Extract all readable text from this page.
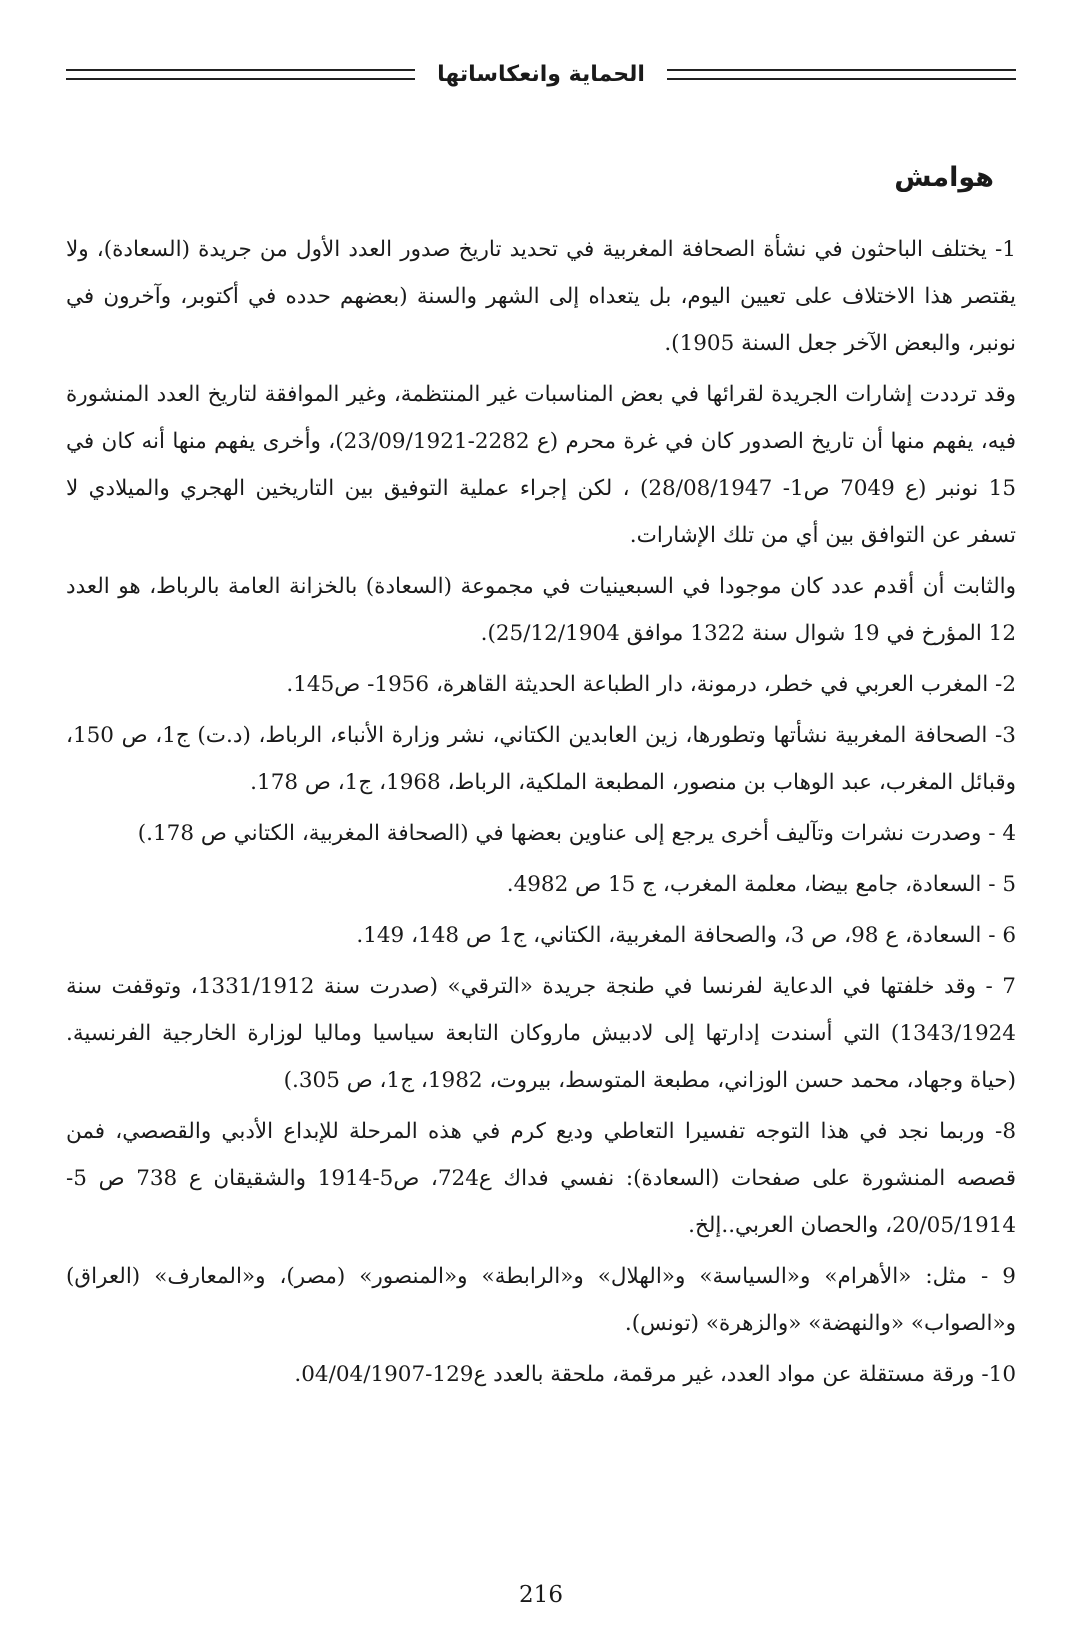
الحماية وانعكاساتها
هوامش

1- يختلف الباحثون في نشأة الصحافة المغربية في تحديد تاريخ صدور العدد الأول من جريدة (السعادة)، ولا يقتصر هذا الاختلاف على تعيين اليوم، بل يتعداه إلى الشهر والسنة (بعضهم حدده في أكتوبر، وآخرون في نونبر، والبعض الآخر جعل السنة 1905).

وقد ترددت إشارات الجريدة لقرائها في بعض المناسبات غير المنتظمة، وغير الموافقة لتاريخ العدد المنشورة فيه، يفهم منها أن تاريخ الصدور كان في غرة محرم (ع 2282-23/09/1921)، وأخرى يفهم منها أنه كان في 15 نونبر (ع 7049 ص1- 28/08/1947) ، لكن إجراء عملية التوفيق بين التاريخين الهجري والميلادي لا تسفر عن التوافق بين أي من تلك الإشارات.

والثابت أن أقدم عدد كان موجودا في السبعينيات في مجموعة (السعادة) بالخزانة العامة بالرباط، هو العدد 12 المؤرخ في 19 شوال سنة 1322 موافق 25/12/1904).

2- المغرب العربي في خطر، درمونة، دار الطباعة الحديثة القاهرة، 1956- ص145.

3- الصحافة المغربية نشأتها وتطورها، زين العابدين الكتاني، نشر وزارة الأنباء، الرباط، (د.ت) ج1، ص 150، وقبائل المغرب، عبد الوهاب بن منصور، المطبعة الملكية، الرباط، 1968، ج1، ص 178.

4 - وصدرت نشرات وتآليف أخرى يرجع إلى عناوين بعضها في (الصحافة المغربية، الكتاني ص 178.)

5 - السعادة، جامع بيضا، معلمة المغرب، ج 15 ص 4982.

6 - السعادة، ع 98، ص 3، والصحافة المغربية، الكتاني، ج1 ص 148، 149.

7 - وقد خلفتها في الدعاية لفرنسا في طنجة جريدة «الترقي» (صدرت سنة 1331/1912، وتوقفت سنة 1343/1924) التي أسندت إدارتها إلى لادبيش ماروكان التابعة سياسيا وماليا لوزارة الخارجية الفرنسية. (حياة وجهاد، محمد حسن الوزاني، مطبعة المتوسط، بيروت، 1982، ج1، ص 305.)

8- وربما نجد في هذا التوجه تفسيرا التعاطي وديع كرم في هذه المرحلة للإبداع الأدبي والقصصي، فمن قصصه المنشورة على صفحات (السعادة): نفسي فداك ع724، ص5-1914 والشقيقان ع 738 ص 5-20/05/1914، والحصان العربي..إلخ.

9 - مثل: «الأهرام» و«السياسة» و«الهلال» و«الرابطة» و«المنصور» (مصر)، و«المعارف» (العراق) و«الصواب» «والنهضة» «والزهرة» (تونس).

10- ورقة مستقلة عن مواد العدد، غير مرقمة، ملحقة بالعدد ع129-04/04/1907.

216
